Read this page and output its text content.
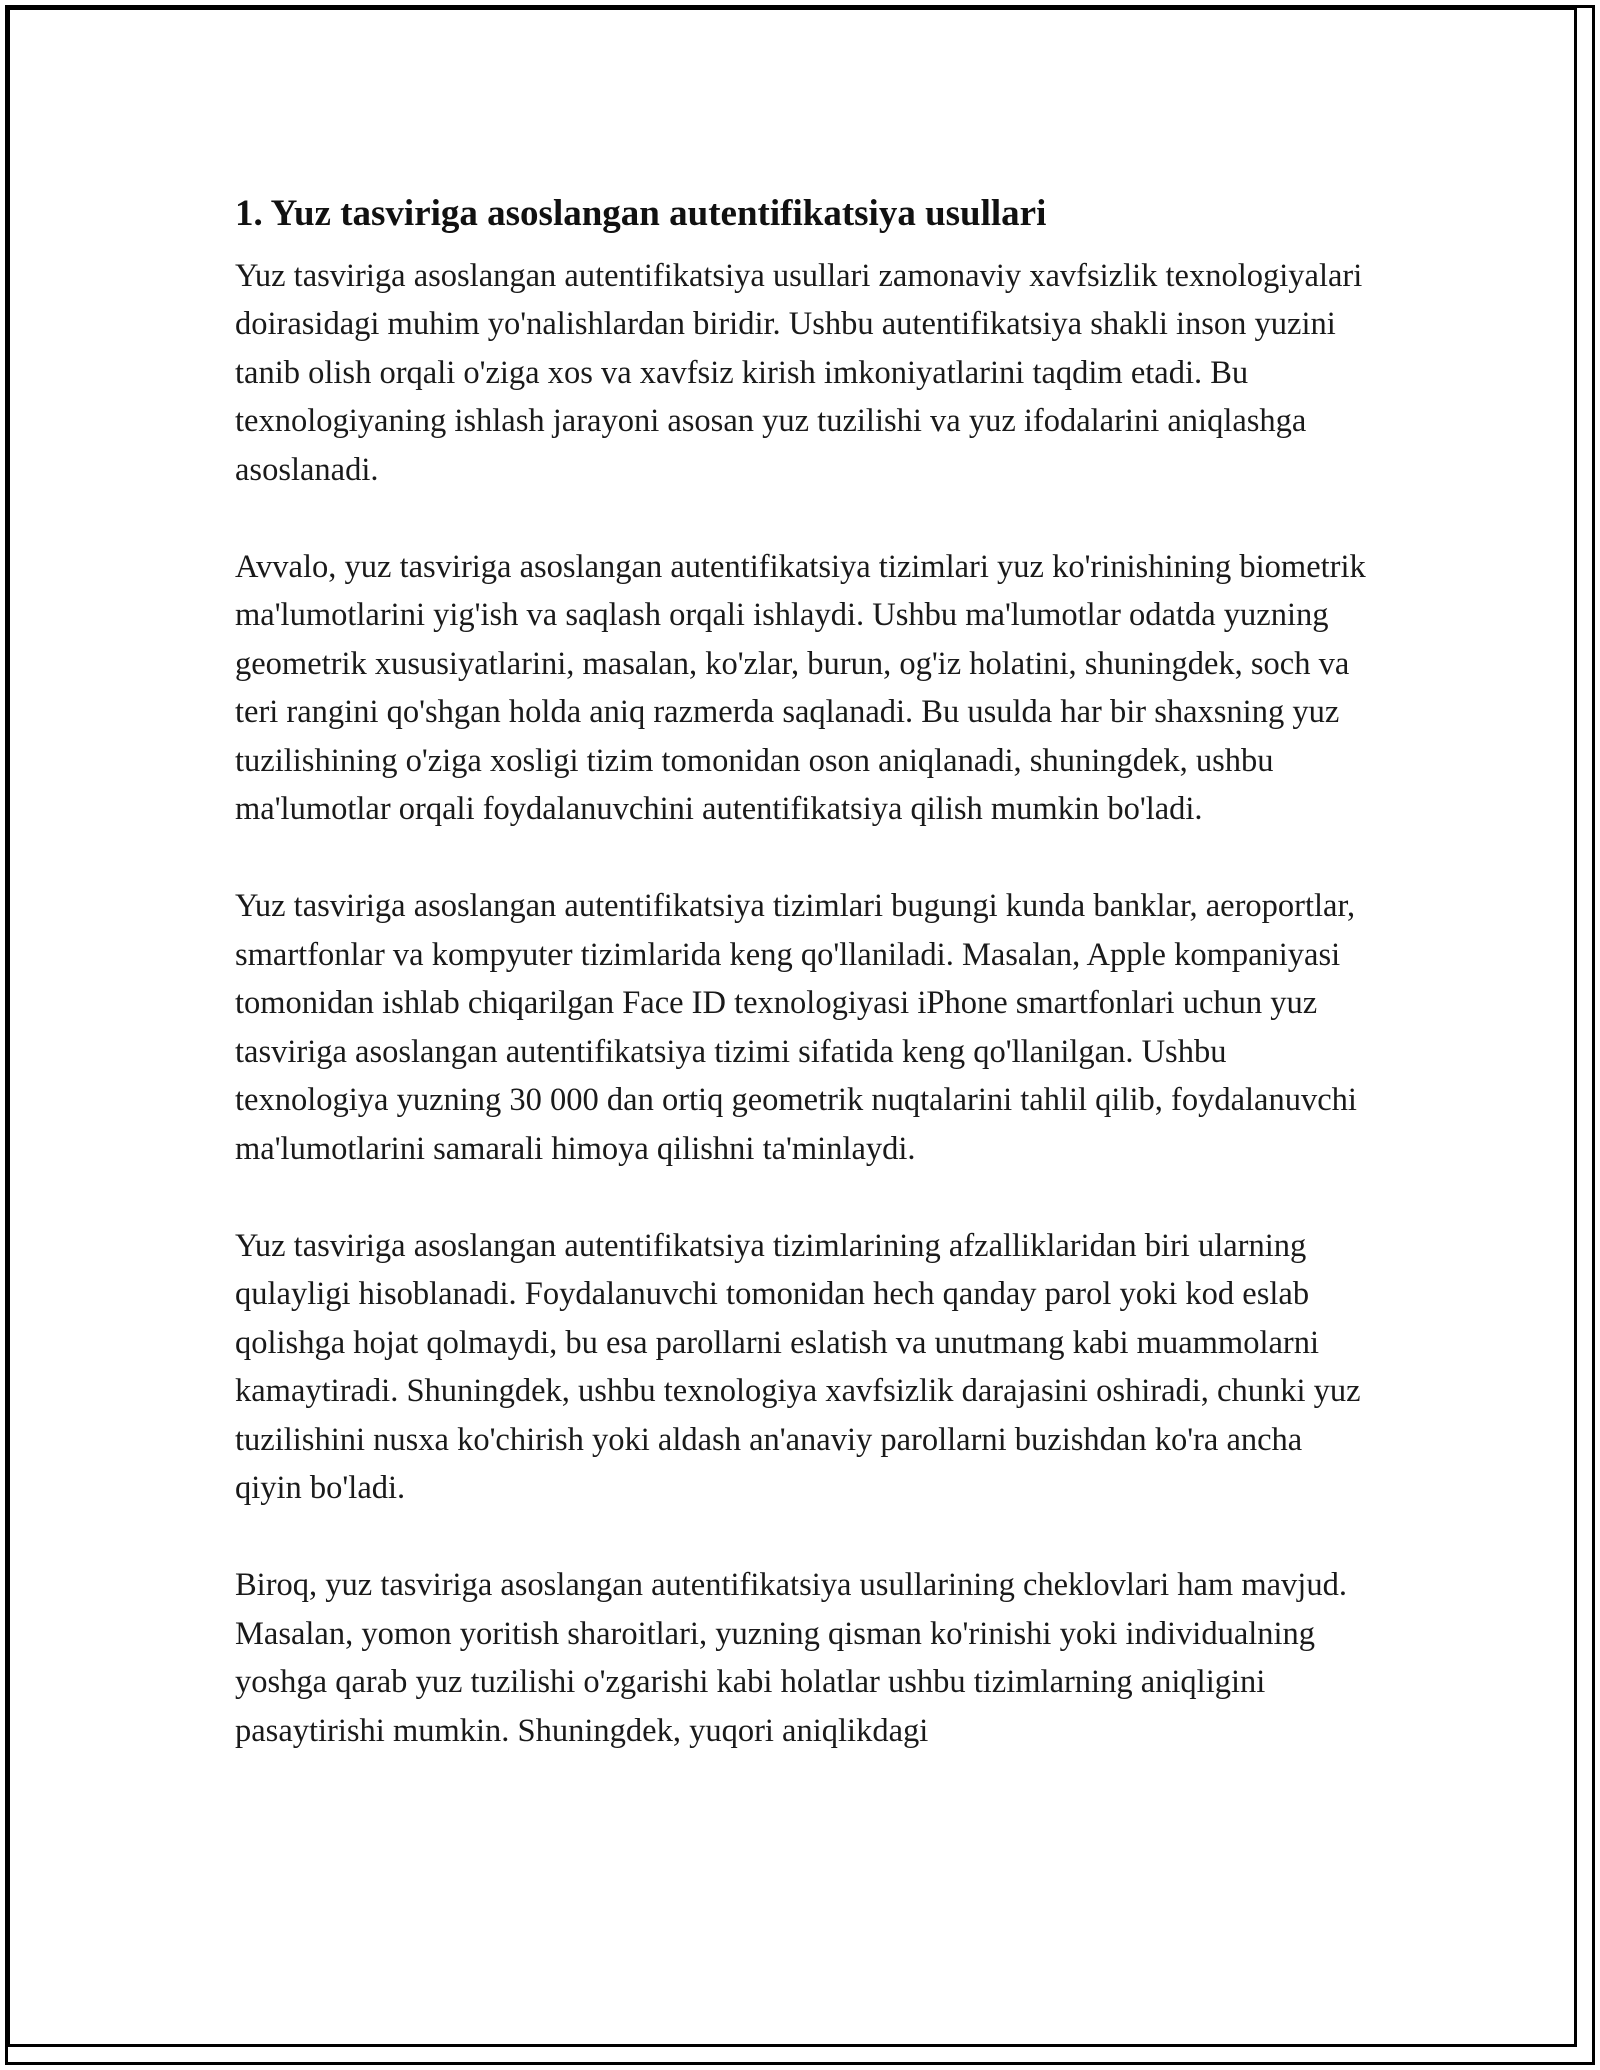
1. Yuz tasviriga asoslangan autentifikatsiya usullari

Yuz tasviriga asoslangan autentifikatsiya usullari zamonaviy xavfsizlik texnologiyalari doirasidagi muhim yo'nalishlardan biridir. Ushbu autentifikatsiya shakli inson yuzini tanib olish orqali o'ziga xos va xavfsiz kirish imkoniyatlarini taqdim etadi. Bu texnologiyaning ishlash jarayoni asosan yuz tuzilishi va yuz ifodalarini aniqlashga asoslanadi.

Avvalo, yuz tasviriga asoslangan autentifikatsiya tizimlari yuz ko'rinishining biometrik ma'lumotlarini yig'ish va saqlash orqali ishlaydi. Ushbu ma'lumotlar odatda yuzning geometrik xususiyatlarini, masalan, ko'zlar, burun, og'iz holatini, shuningdek, soch va teri rangini qo'shgan holda aniq razmerda saqlanadi. Bu usulda har bir shaxsning yuz tuzilishining o'ziga xosligi tizim tomonidan oson aniqlanadi, shuningdek, ushbu ma'lumotlar orqali foydalanuvchini autentifikatsiya qilish mumkin bo'ladi.

Yuz tasviriga asoslangan autentifikatsiya tizimlari bugungi kunda banklar, aeroportlar, smartfonlar va kompyuter tizimlarida keng qo'llaniladi. Masalan, Apple kompaniyasi tomonidan ishlab chiqarilgan Face ID texnologiyasi iPhone smartfonlari uchun yuz tasviriga asoslangan autentifikatsiya tizimi sifatida keng qo'llanilgan. Ushbu texnologiya yuzning 30 000 dan ortiq geometrik nuqtalarini tahlil qilib, foydalanuvchi ma'lumotlarini samarali himoya qilishni ta'minlaydi.

Yuz tasviriga asoslangan autentifikatsiya tizimlarining afzalliklaridan biri ularning qulayligi hisoblanadi. Foydalanuvchi tomonidan hech qanday parol yoki kod eslab qolishga hojat qolmaydi, bu esa parollarni eslatish va unutmang kabi muammolarni kamaytiradi. Shuningdek, ushbu texnologiya xavfsizlik darajasini oshiradi, chunki yuz tuzilishini nusxa ko'chirish yoki aldash an'anaviy parollarni buzishdan ko'ra ancha qiyin bo'ladi.

Biroq, yuz tasviriga asoslangan autentifikatsiya usullarining cheklovlari ham mavjud. Masalan, yomon yoritish sharoitlari, yuzning qisman ko'rinishi yoki individualning yoshga qarab yuz tuzilishi o'zgarishi kabi holatlar ushbu tizimlarning aniqligini pasaytirishi mumkin. Shuningdek, yuqori aniqlikdagi
